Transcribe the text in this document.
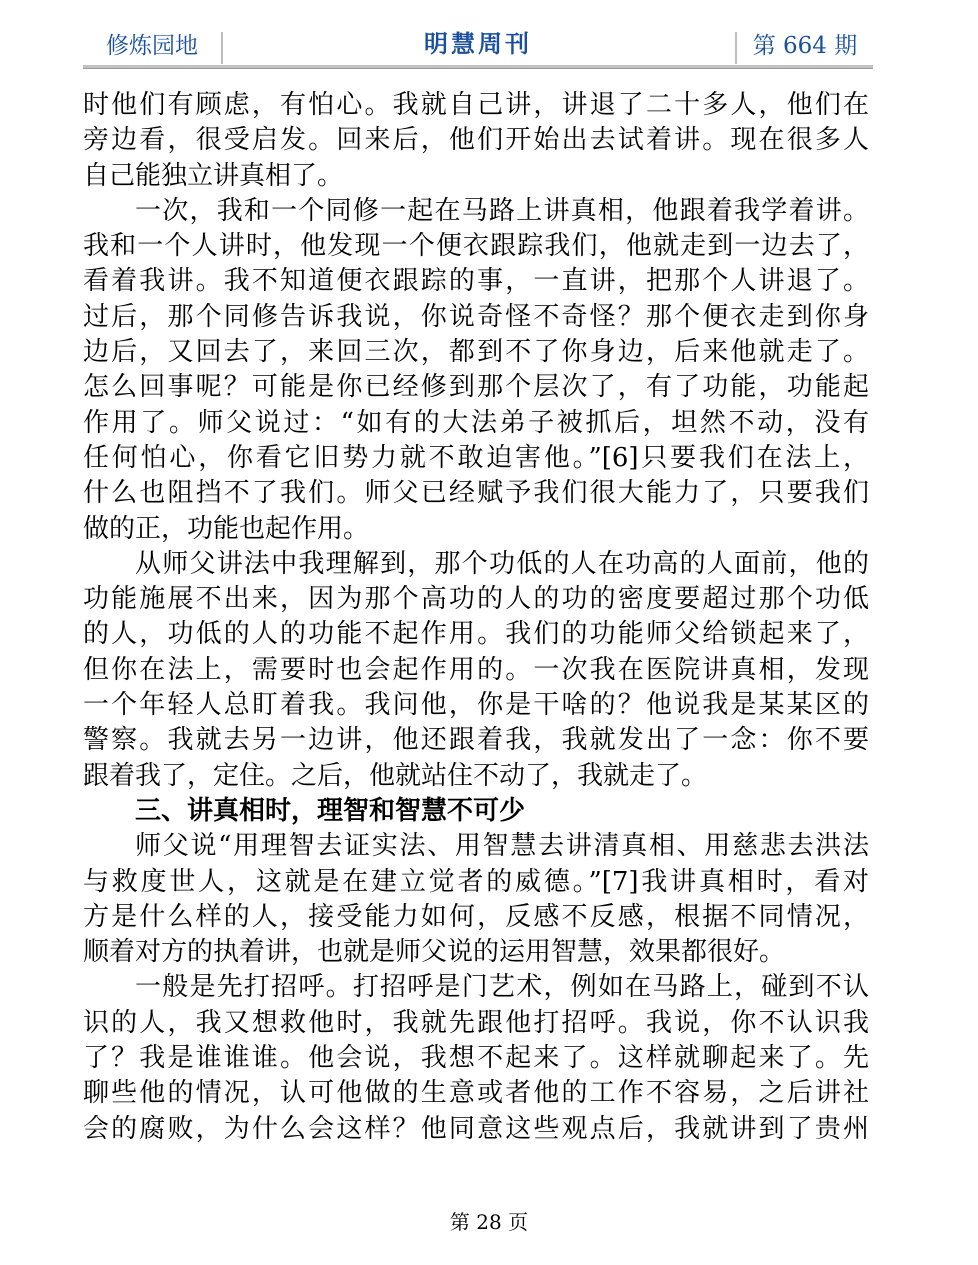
修炼园地	明慧周刊	第 664 期
时他们有顾虑，有怕心。我就自己讲，讲退了二十多人，他们在
旁边看，很受启发。回来后，他们开始出去试着讲。现在很多人
自己能独立讲真相了。
一次，我和一个同修一起在马路上讲真相，他跟着我学着讲。
我和一个人讲时，他发现一个便衣跟踪我们，他就走到一边去了，
看着我讲。我不知道便衣跟踪的事，一直讲，把那个人讲退了。
过后，那个同修告诉我说，你说奇怪不奇怪？那个便衣走到你身
边后，又回去了，来回三次，都到不了你身边，后来他就走了。
怎么回事呢？可能是你已经修到那个层次了，有了功能，功能起
作用了。师父说过：“如有的大法弟子被抓后，坦然不动，没有
任何怕心，你看它旧势力就不敢迫害他。”[6]只要我们在法上，
什么也阻挡不了我们。师父已经赋予我们很大能力了，只要我们
做的正，功能也起作用。
从师父讲法中我理解到，那个功低的人在功高的人面前，他的
功能施展不出来，因为那个高功的人的功的密度要超过那个功低
的人，功低的人的功能不起作用。我们的功能师父给锁起来了，
但你在法上，需要时也会起作用的。一次我在医院讲真相，发现
一个年轻人总盯着我。我问他，你是干啥的？他说我是某某区的
警察。我就去另一边讲，他还跟着我，我就发出了一念：你不要
跟着我了，定住。之后，他就站住不动了，我就走了。
三、讲真相时，理智和智慧不可少
师父说“用理智去证实法、用智慧去讲清真相、用慈悲去洪法
与救度世人，这就是在建立觉者的威德。”[7]我讲真相时，看对
方是什么样的人，接受能力如何，反感不反感，根据不同情况，
顺着对方的执着讲，也就是师父说的运用智慧，效果都很好。
一般是先打招呼。打招呼是门艺术，例如在马路上，碰到不认
识的人，我又想救他时，我就先跟他打招呼。我说，你不认识我
了？我是谁谁谁。他会说，我想不起来了。这样就聊起来了。先
聊些他的情况，认可他做的生意或者他的工作不容易，之后讲社
会的腐败，为什么会这样？他同意这些观点后，我就讲到了贵州
第 28 页
